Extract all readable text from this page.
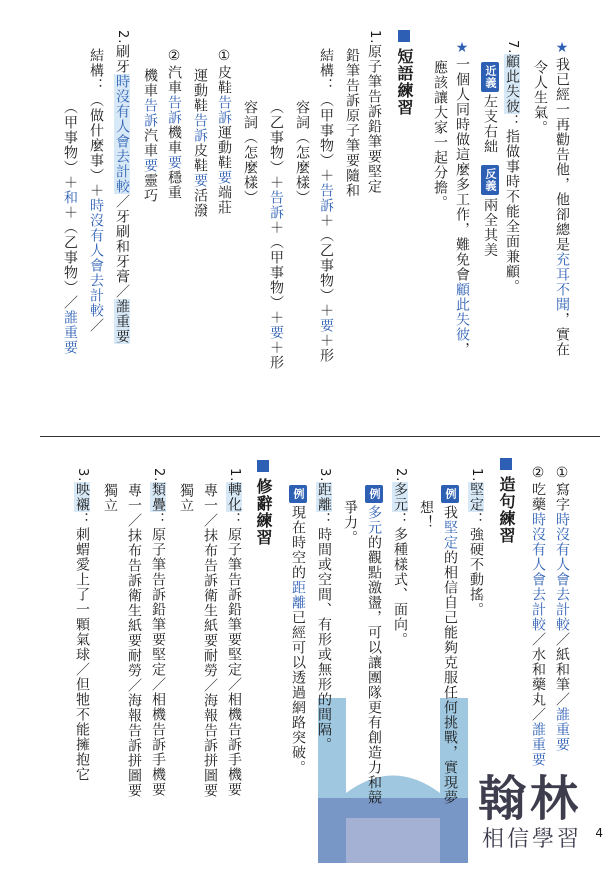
翰林
相信學習
★我已經一再勸告他，他卻總是充耳不聞，實在
令人生氣。
7.顧此失彼：指做事時不能全面兼顧。
近義左支右絀 反義兩全其美
★一個人同時做這麼多工作，難免會顧此失彼，
應該讓大家一起分擔。
短語練習
1.原子筆告訴鉛筆要堅定
鉛筆告訴原子筆要隨和
結構：（甲事物）＋告訴＋（乙事物）＋要＋形
容詞（怎麼樣）
（乙事物）＋告訴＋（甲事物）＋要＋形
容詞（怎麼樣）
①皮鞋告訴運動鞋要端莊
運動鞋告訴皮鞋要活潑
②汽車告訴機車要穩重
機車告訴汽車要靈巧
2.刷牙時沒有人會去計較／牙刷和牙膏／誰重要
結構：（做什麼事）＋時沒有人會去計較／
（甲事物）＋和＋（乙事物）／誰重要
①寫字時沒有人會去計較／紙和筆／誰重要
②吃藥時沒有人會去計較／水和藥丸／誰重要
造句練習
1.堅定：強硬不動搖。
例我堅定的相信自己能夠克服任何挑戰，實現夢
想！
2.多元：多種樣式、面向。
例多元的觀點激盪，可以讓團隊更有創造力和競
爭力。
3.距離：時間或空間、有形或無形的間隔。
例現在時空的距離已經可以透過網路突破。
修辭練習
1.轉化：原子筆告訴鉛筆要堅定／相機告訴手機要
專一／抹布告訴衛生紙要耐勞／海報告訴拼圖要
獨立
2.類疊：原子筆告訴鉛筆要堅定／相機告訴手機要
專一／抹布告訴衛生紙要耐勞／海報告訴拼圖要
獨立
3.映襯：刺蝟愛上了一顆氣球／但牠不能擁抱它
4
